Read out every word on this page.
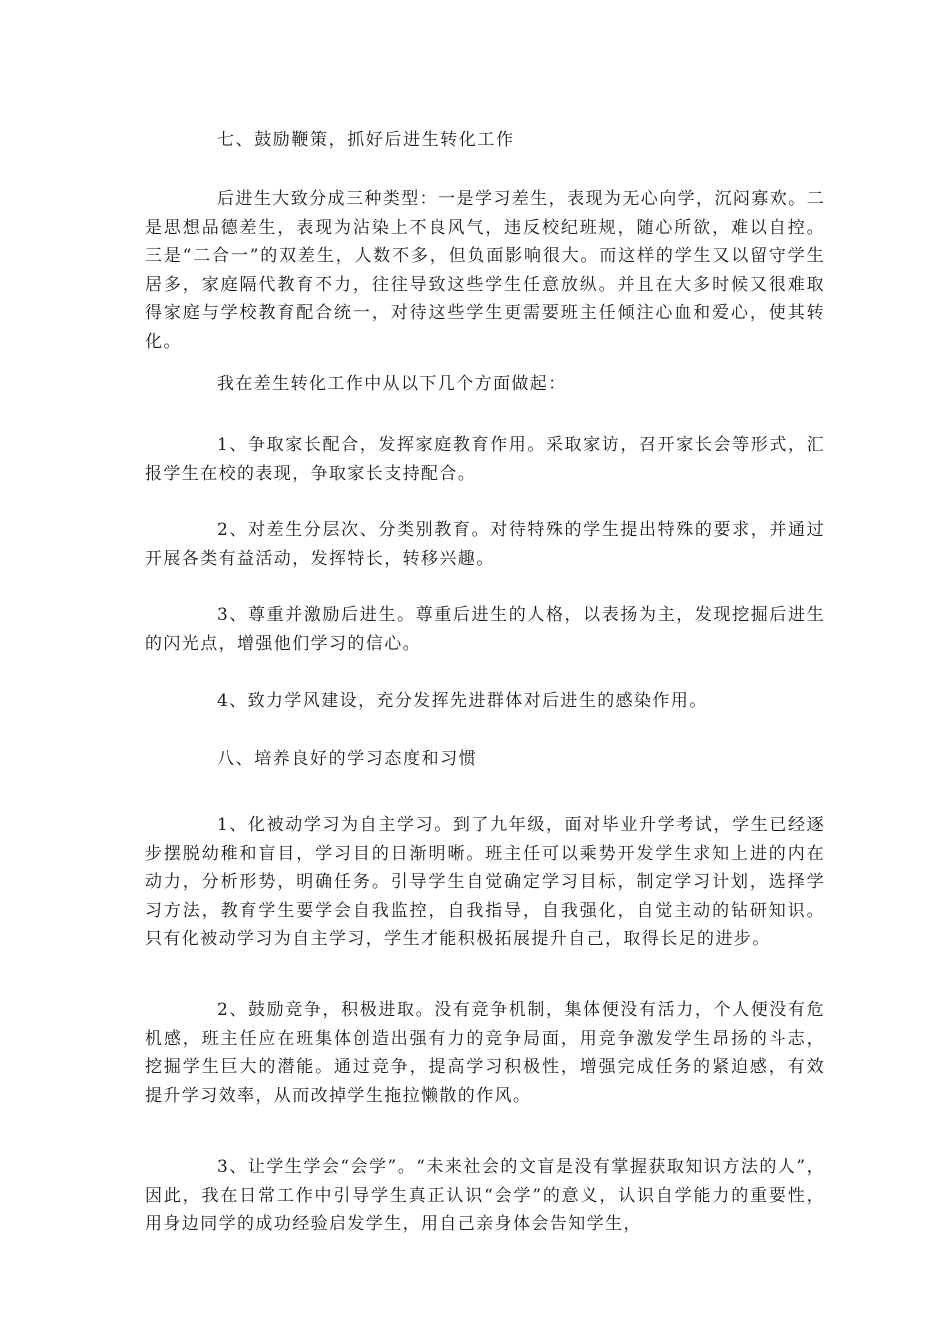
七、鼓励鞭策，抓好后进生转化工作

后进生大致分成三种类型：一是学习差生，表现为无心向学，沉闷寡欢。二是思想品德差生，表现为沾染上不良风气，违反校纪班规，随心所欲，难以自控。三是“二合一”的双差生，人数不多，但负面影响很大。而这样的学生又以留守学生居多，家庭隔代教育不力，往往导致这些学生任意放纵。并且在大多时候又很难取得家庭与学校教育配合统一，对待这些学生更需要班主任倾注心血和爱心，使其转化。

我在差生转化工作中从以下几个方面做起：

1、争取家长配合，发挥家庭教育作用。采取家访，召开家长会等形式，汇报学生在校的表现，争取家长支持配合。

2、对差生分层次、分类别教育。对待特殊的学生提出特殊的要求，并通过开展各类有益活动，发挥特长，转移兴趣。

3、尊重并激励后进生。尊重后进生的人格，以表扬为主，发现挖掘后进生的闪光点，增强他们学习的信心。

4、致力学风建设，充分发挥先进群体对后进生的感染作用。

八、培养良好的学习态度和习惯

1、化被动学习为自主学习。到了九年级，面对毕业升学考试，学生已经逐步摆脱幼稚和盲目，学习目的日渐明晰。班主任可以乘势开发学生求知上进的内在动力，分析形势，明确任务。引导学生自觉确定学习目标，制定学习计划，选择学习方法，教育学生要学会自我监控，自我指导，自我强化，自觉主动的钻研知识。只有化被动学习为自主学习，学生才能积极拓展提升自己，取得长足的进步。

2、鼓励竞争，积极进取。没有竞争机制，集体便没有活力，个人便没有危机感，班主任应在班集体创造出强有力的竞争局面，用竞争激发学生昂扬的斗志，挖掘学生巨大的潜能。通过竞争，提高学习积极性，增强完成任务的紧迫感，有效提升学习效率，从而改掉学生拖拉懒散的作风。

3、让学生学会“会学”。“未来社会的文盲是没有掌握获取知识方法的人”，因此，我在日常工作中引导学生真正认识“会学”的意义，认识自学能力的重要性，用身边同学的成功经验启发学生，用自己亲身体会告知学生，
